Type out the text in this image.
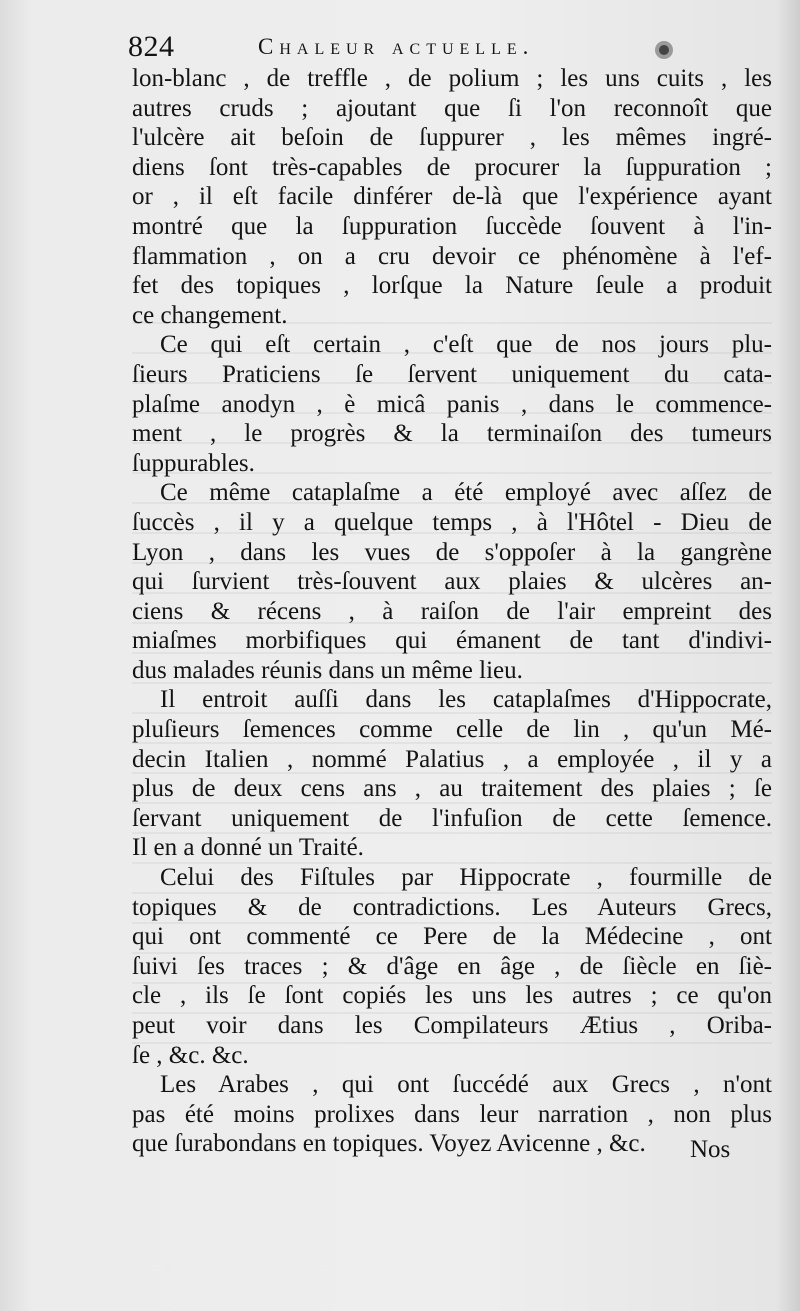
824	Chaleur actuelle.

lon-blanc , de treffle , de polium ; les uns cuits , les
autres cruds ; ajoutant que ſi l'on reconnoît que
l'ulcère ait beſoin de ſuppurer , les mêmes ingré-
diens ſont très-capables de procurer la ſuppuration ;
or , il eſt facile dinférer de-là que l'expérience ayant
montré que la ſuppuration ſuccède ſouvent à l'in-
flammation , on a cru devoir ce phénomène à l'ef-
fet des topiques , lorſque la Nature ſeule a produit
ce changement.

Ce qui eſt certain , c'eſt que de nos jours plu-
ſieurs Praticiens ſe ſervent uniquement du cata-
plaſme anodyn , è micâ panis , dans le commence-
ment , le progrès & la terminaiſon des tumeurs
ſuppurables.

Ce même cataplaſme a été employé avec aſſez de
ſuccès , il y a quelque temps , à l'Hôtel - Dieu de
Lyon , dans les vues de s'oppoſer à la gangrène
qui ſurvient très-ſouvent aux plaies & ulcères an-
ciens & récens , à raiſon de l'air empreint des
miaſmes morbifiques qui émanent de tant d'indivi-
dus malades réunis dans un même lieu.

Il entroit auſſi dans les cataplaſmes d'Hippocrate,
pluſieurs ſemences comme celle de lin , qu'un Mé-
decin Italien , nommé Palatius , a employée , il y a
plus de deux cens ans , au traitement des plaies ; ſe
ſervant uniquement de l'infuſion de cette ſemence.
Il en a donné un Traité.

Celui des Fiſtules par Hippocrate , fourmille de
topiques & de contradictions. Les Auteurs Grecs,
qui ont commenté ce Pere de la Médecine , ont
ſuivi ſes traces ; & d'âge en âge , de ſiècle en ſiè-
cle , ils ſe ſont copiés les uns les autres ; ce qu'on
peut voir dans les Compilateurs Ætius , Oriba-
ſe , &c. &c.

Les Arabes , qui ont ſuccédé aux Grecs , n'ont
pas été moins prolixes dans leur narration , non plus
que ſurabondans en topiques. Voyez Avicenne , &c.	Nos
